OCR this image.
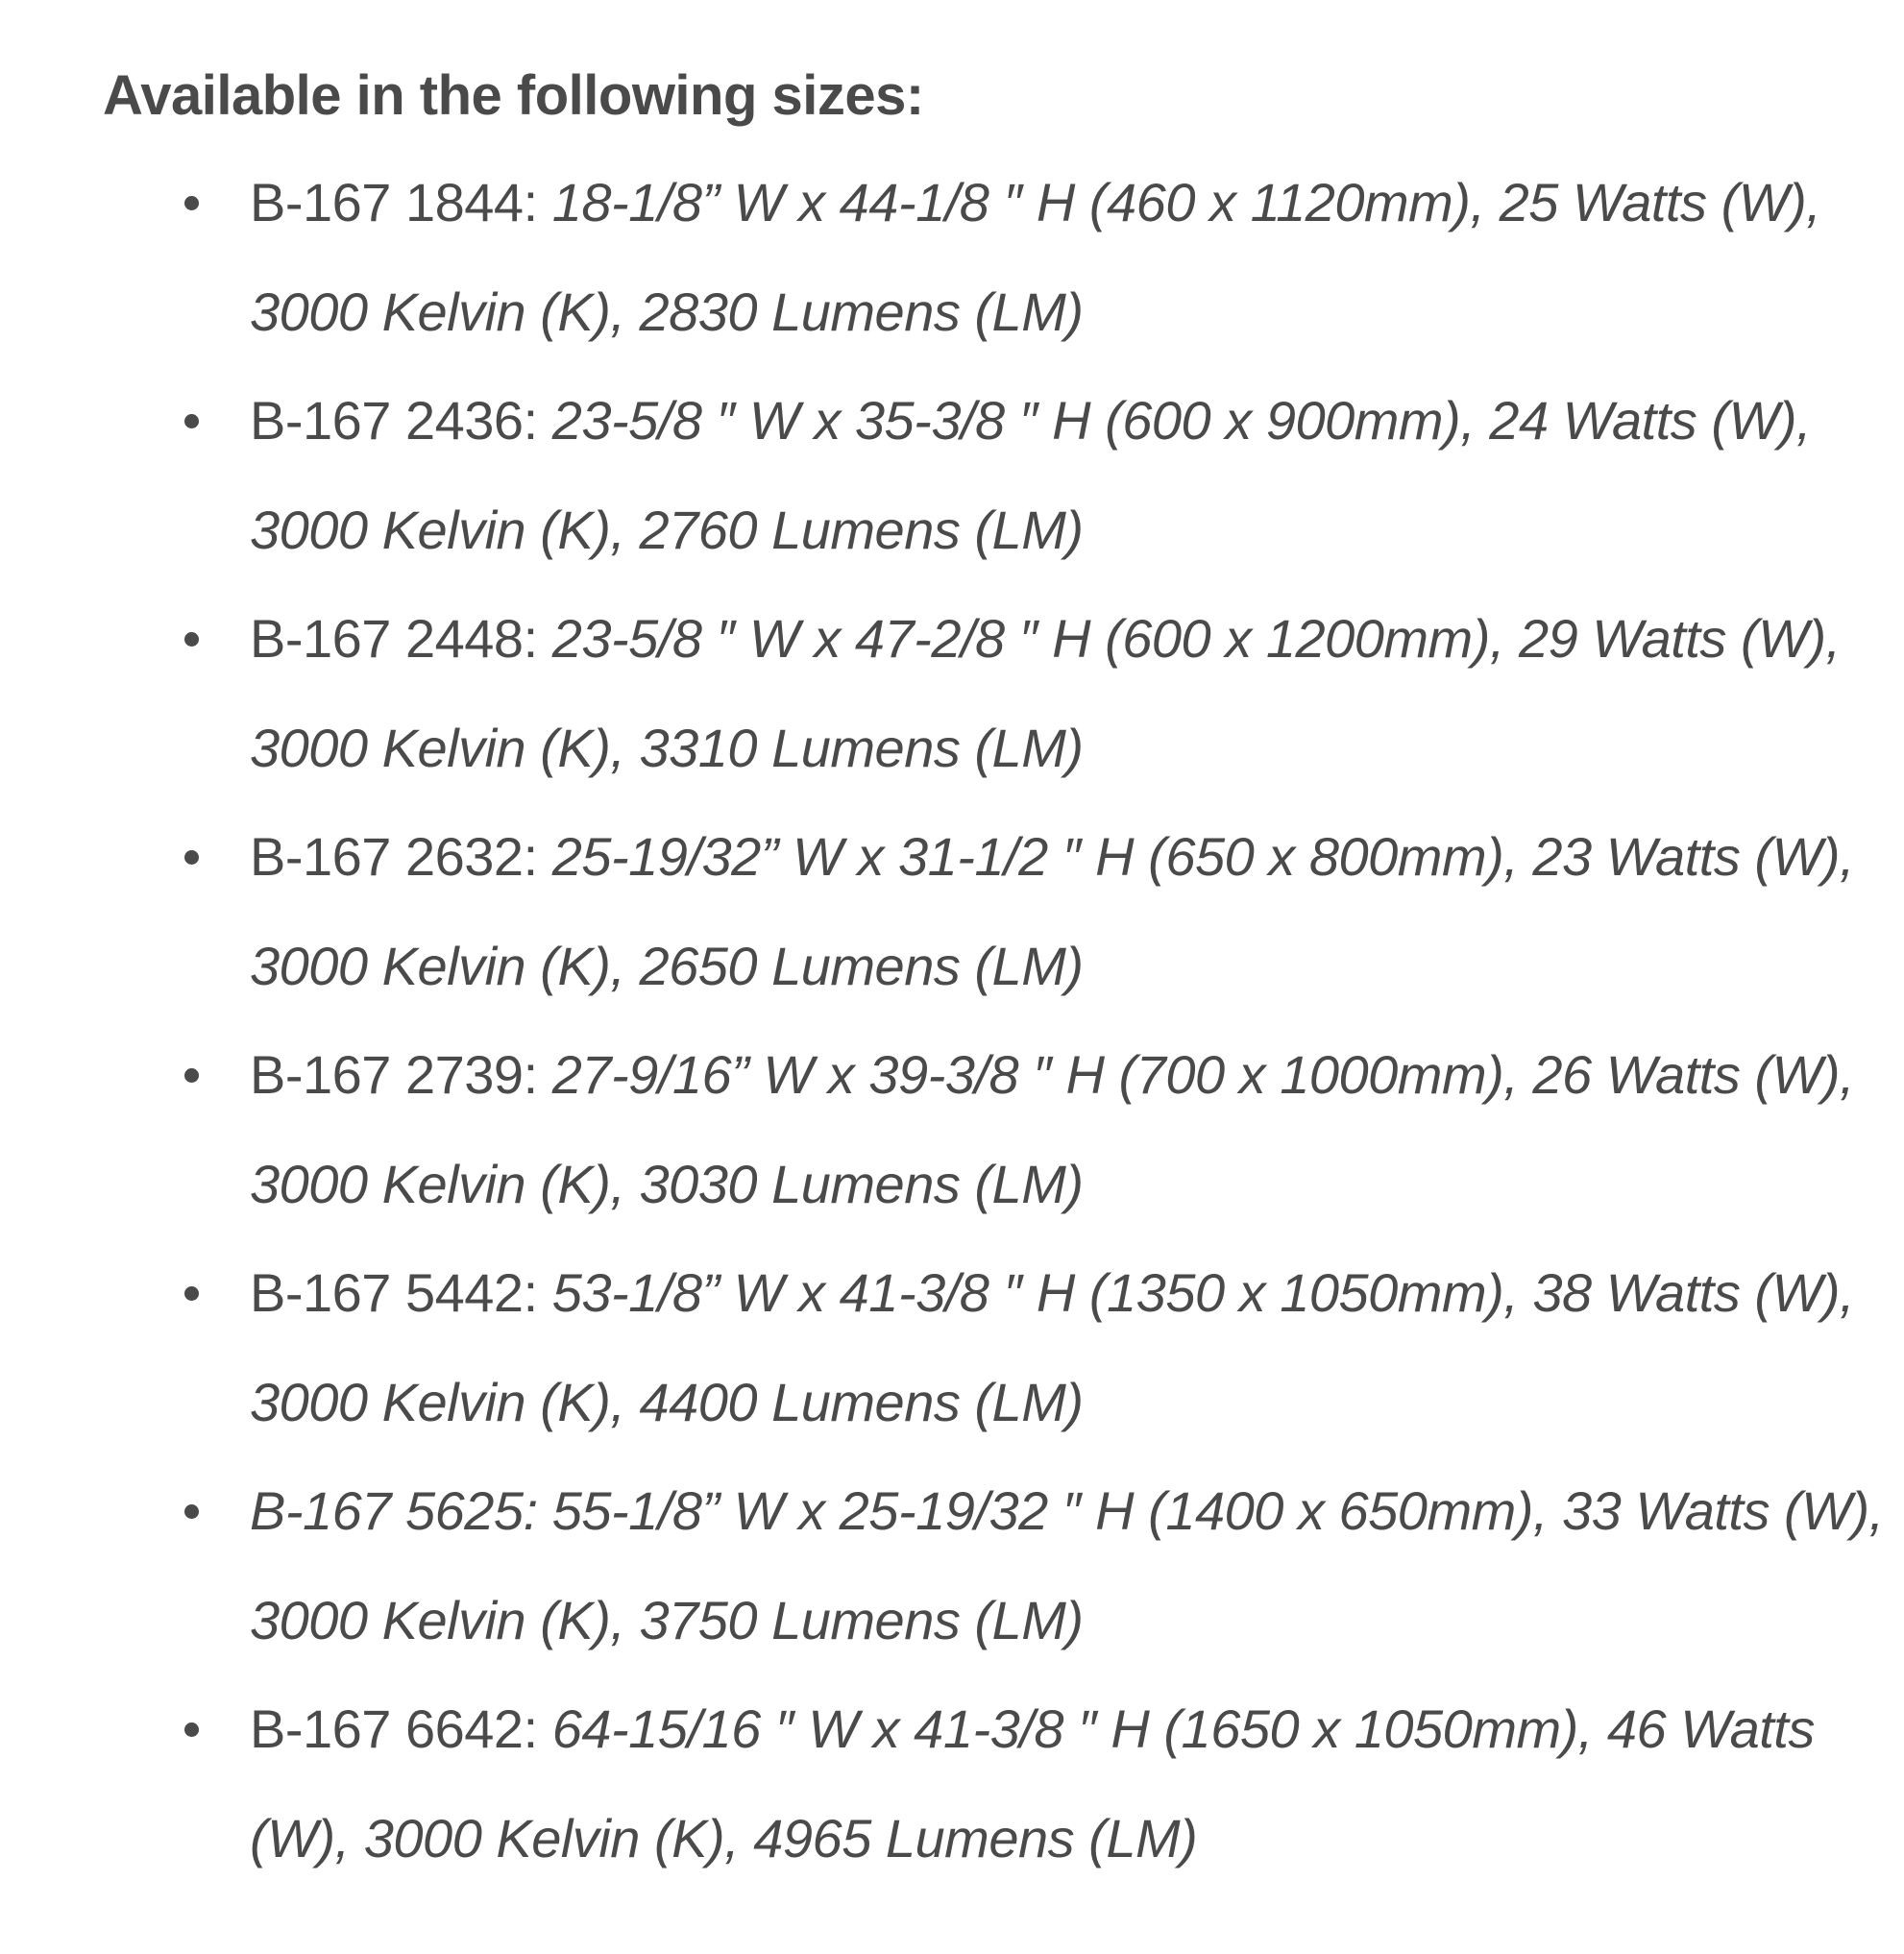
Available in the following sizes:

B-167 1844: 18-1/8” W x 44-1/8 ″ H (460 x 1120mm), 25 Watts (W), 3000 Kelvin (K), 2830 Lumens (LM)
B-167 2436: 23-5/8 ″ W x 35-3/8 ″ H (600 x 900mm), 24 Watts (W), 3000 Kelvin (K), 2760 Lumens (LM)
B-167 2448: 23-5/8 ″ W x 47-2/8 ″ H (600 x 1200mm), 29 Watts (W), 3000 Kelvin (K), 3310 Lumens (LM)
B-167 2632: 25-19/32” W x 31-1/2 ″ H (650 x 800mm), 23 Watts (W), 3000 Kelvin (K), 2650 Lumens (LM)
B-167 2739: 27-9/16” W x 39-3/8 ″ H (700 x 1000mm), 26 Watts (W), 3000 Kelvin (K), 3030 Lumens (LM)
B-167 5442: 53-1/8” W x 41-3/8 ″ H (1350 x 1050mm), 38 Watts (W), 3000 Kelvin (K), 4400 Lumens (LM)
B-167 5625: 55-1/8” W x 25-19/32 ″ H (1400 x 650mm), 33 Watts (W), 3000 Kelvin (K), 3750 Lumens (LM)
B-167 6642: 64-15/16 ″ W x 41-3/8 ″ H (1650 x 1050mm), 46 Watts (W), 3000 Kelvin (K), 4965 Lumens (LM)
